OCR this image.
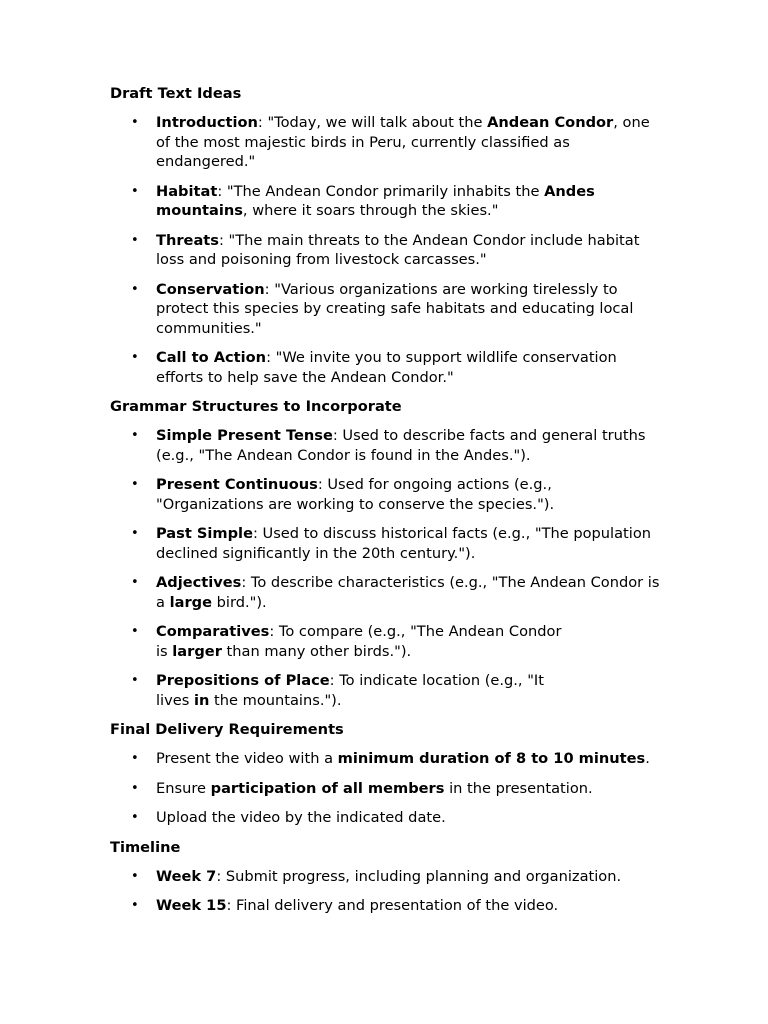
Draft Text Ideas
• Introduction: "Today, we will talk about the Andean Condor, one of the most majestic birds in Peru, currently classified as endangered."
• Habitat: "The Andean Condor primarily inhabits the Andes mountains, where it soars through the skies."
• Threats: "The main threats to the Andean Condor include habitat loss and poisoning from livestock carcasses."
• Conservation: "Various organizations are working tirelessly to protect this species by creating safe habitats and educating local communities."
• Call to Action: "We invite you to support wildlife conservation efforts to help save the Andean Condor."
Grammar Structures to Incorporate
• Simple Present Tense: Used to describe facts and general truths (e.g., "The Andean Condor is found in the Andes.").
• Present Continuous: Used for ongoing actions (e.g., "Organizations are working to conserve the species.").
• Past Simple: Used to discuss historical facts (e.g., "The population declined significantly in the 20th century.").
• Adjectives: To describe characteristics (e.g., "The Andean Condor is a large bird.").
• Comparatives: To compare (e.g., "The Andean Condor is larger than many other birds.").
• Prepositions of Place: To indicate location (e.g., "It lives in the mountains.").
Final Delivery Requirements
• Present the video with a minimum duration of 8 to 10 minutes.
• Ensure participation of all members in the presentation.
• Upload the video by the indicated date.
Timeline
• Week 7: Submit progress, including planning and organization.
• Week 15: Final delivery and presentation of the video.
